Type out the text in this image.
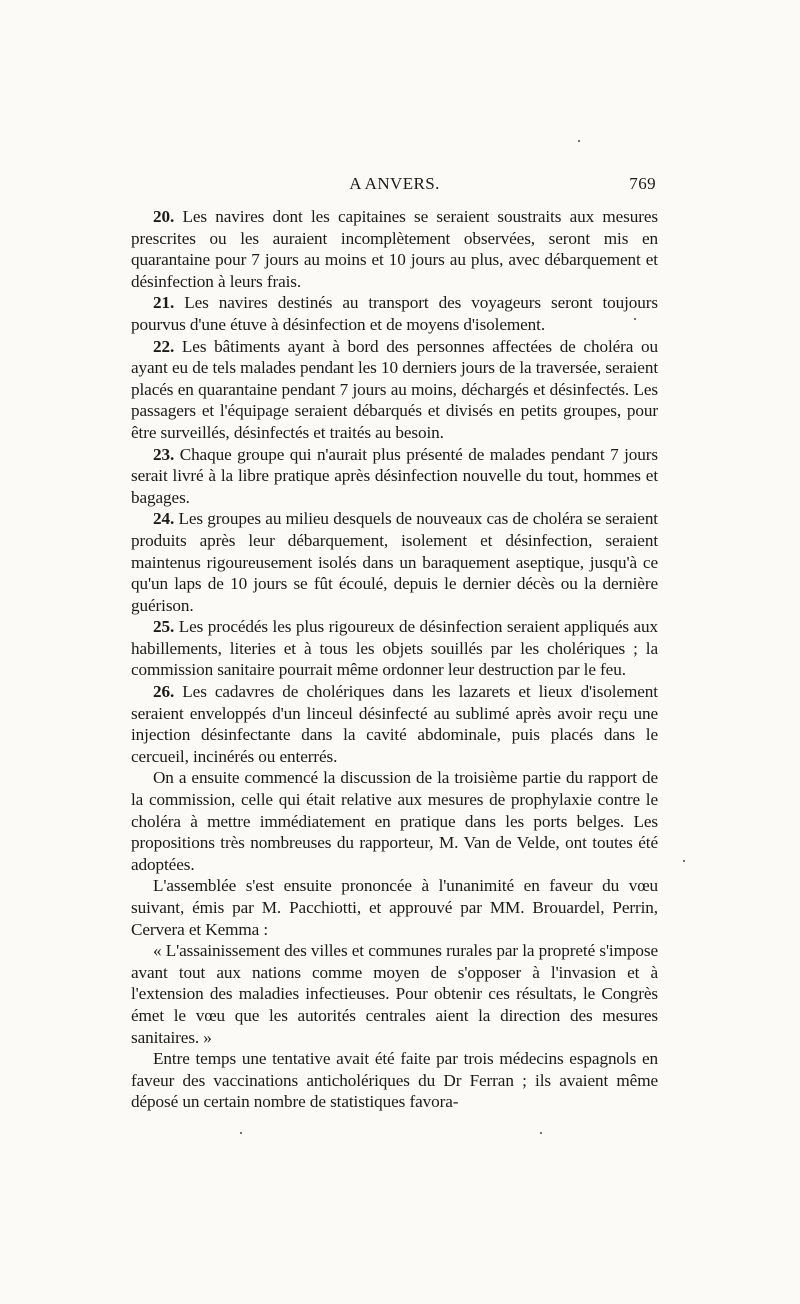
A ANVERS.	769

20. Les navires dont les capitaines se seraient soustraits aux mesures prescrites ou les auraient incomplètement observées, seront mis en quarantaine pour 7 jours au moins et 10 jours au plus, avec débarquement et désinfection à leurs frais.

21. Les navires destinés au transport des voyageurs seront toujours pourvus d'une étuve à désinfection et de moyens d'isolement.

22. Les bâtiments ayant à bord des personnes affectées de choléra ou ayant eu de tels malades pendant les 10 derniers jours de la traversée, seraient placés en quarantaine pendant 7 jours au moins, déchargés et désinfectés. Les passagers et l'équipage seraient débarqués et divisés en petits groupes, pour être surveillés, désinfectés et traités au besoin.

23. Chaque groupe qui n'aurait plus présenté de malades pendant 7 jours serait livré à la libre pratique après désinfection nouvelle du tout, hommes et bagages.

24. Les groupes au milieu desquels de nouveaux cas de choléra se seraient produits après leur débarquement, isolement et désinfection, seraient maintenus rigoureusement isolés dans un baraquement aseptique, jusqu'à ce qu'un laps de 10 jours se fût écoulé, depuis le dernier décès ou la dernière guérison.

25. Les procédés les plus rigoureux de désinfection seraient appliqués aux habillements, literies et à tous les objets souillés par les cholériques ; la commission sanitaire pourrait même ordonner leur destruction par le feu.

26. Les cadavres de cholériques dans les lazarets et lieux d'isolement seraient enveloppés d'un linceul désinfecté au sublimé après avoir reçu une injection désinfectante dans la cavité abdominale, puis placés dans le cercueil, incinérés ou enterrés.

On a ensuite commencé la discussion de la troisième partie du rapport de la commission, celle qui était relative aux mesures de prophylaxie contre le choléra à mettre immédiatement en pratique dans les ports belges. Les propositions très nombreuses du rapporteur, M. Van de Velde, ont toutes été adoptées.

L'assemblée s'est ensuite prononcée à l'unanimité en faveur du vœu suivant, émis par M. Pacchiotti, et approuvé par MM. Brouardel, Perrin, Cervera et Kemma :

« L'assainissement des villes et communes rurales par la propreté s'impose avant tout aux nations comme moyen de s'opposer à l'invasion et à l'extension des maladies infectieuses. Pour obtenir ces résultats, le Congrès émet le vœu que les autorités centrales aient la direction des mesures sanitaires. »

Entre temps une tentative avait été faite par trois médecins espagnols en faveur des vaccinations anticholériques du Dr Ferran ; ils avaient même déposé un certain nombre de statistiques favora-
